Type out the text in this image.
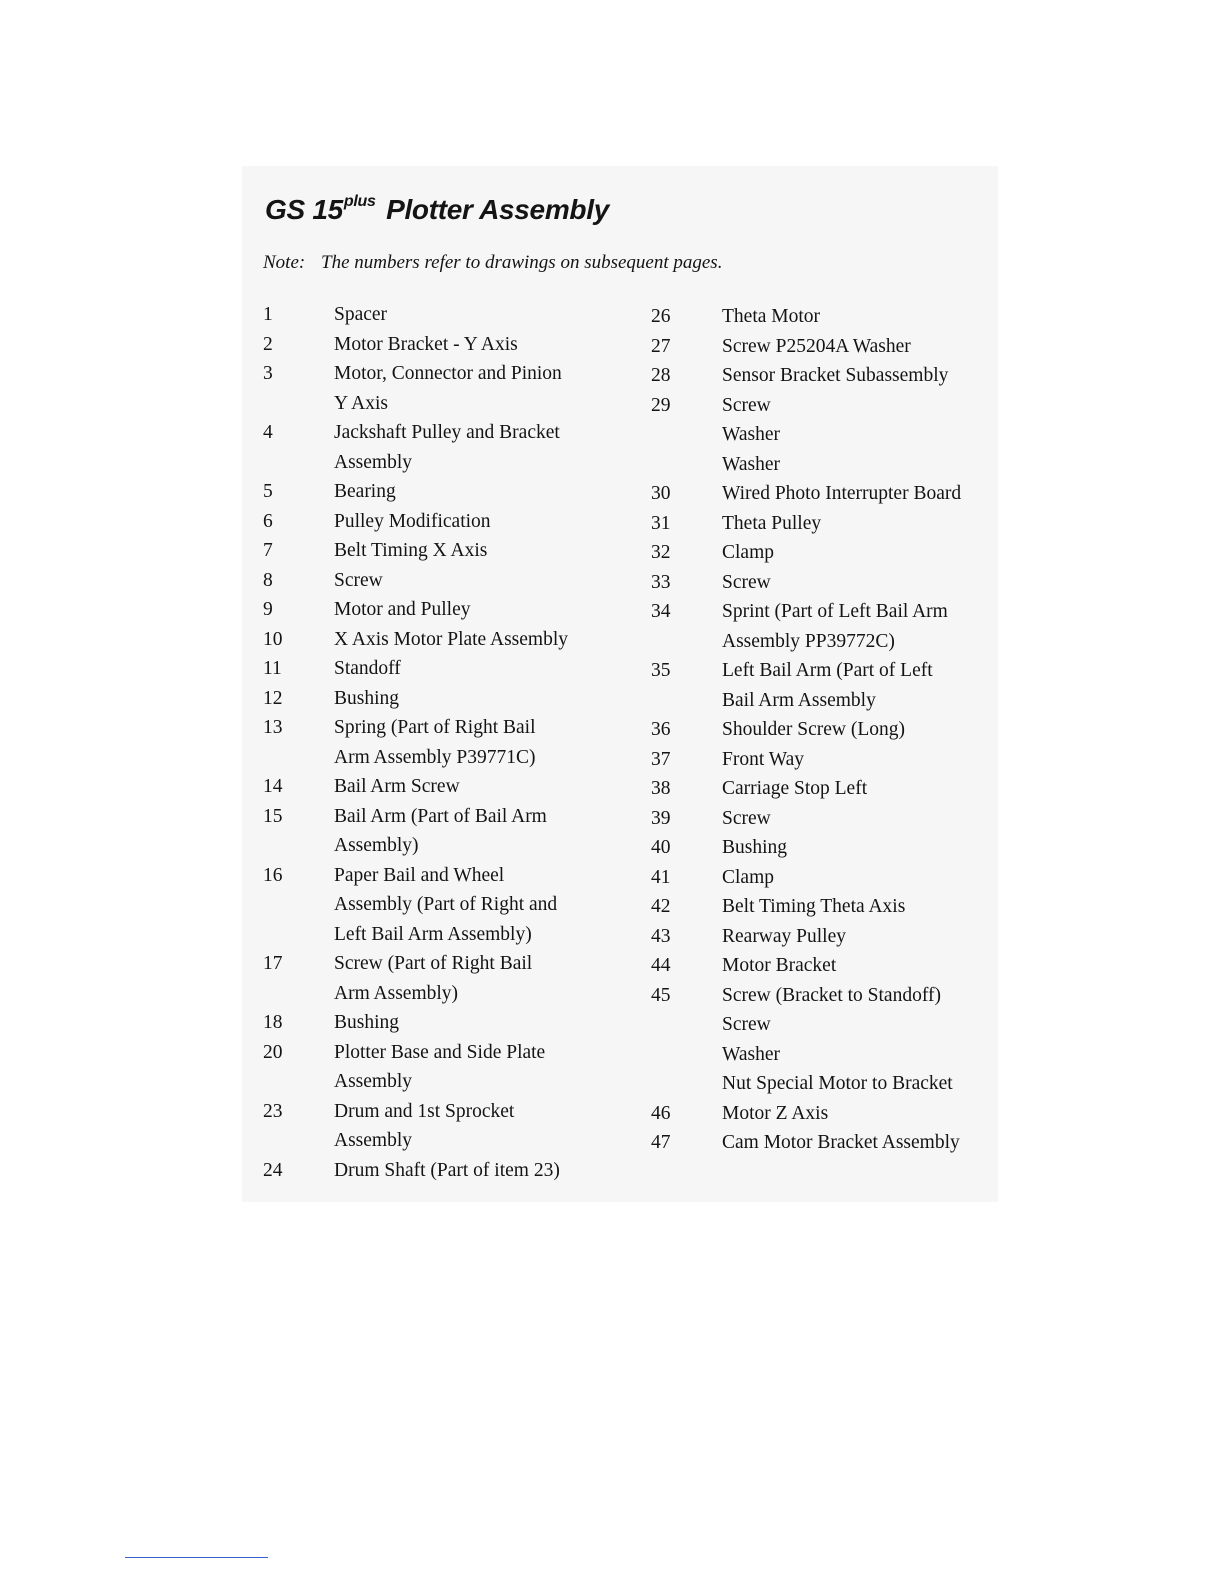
GS $15^{plus}$ Plotter Assembly
Note: The numbers refer to drawings on subsequent pages.
1	Spacer
2	Motor Bracket - Y Axis
3	Motor, Connector and Pinion
Y Axis
4	Jackshaft Pulley and Bracket
Assembly
5	Bearing
6	Pulley Modification
7	Belt Timing X Axis
8	Screw
9	Motor and Pulley
10	X Axis Motor Plate Assembly
11	Standoff
12	Bushing
13	Spring (Part of Right Bail
Arm Assembly P39771C)
14	Bail Arm Screw
15	Bail Arm (Part of Bail Arm
Assembly)
16	Paper Bail and Wheel
Assembly (Part of Right and
Left Bail Arm Assembly)
17	Screw (Part of Right Bail
Arm Assembly)
18	Bushing
20	Plotter Base and Side Plate
Assembly
23	Drum and 1st Sprocket
Assembly
24	Drum Shaft (Part of item 23)
26	Theta Motor
27	Screw P25204A Washer
28	Sensor Bracket Subassembly
29	Screw
Washer
Washer
30	Wired Photo Interrupter Board
31	Theta Pulley
32	Clamp
33	Screw
34	Sprint (Part of Left Bail Arm
Assembly PP39772C)
35	Left Bail Arm (Part of Left
Bail Arm Assembly
36	Shoulder Screw (Long)
37	Front Way
38	Carriage Stop Left
39	Screw
40	Bushing
41	Clamp
42	Belt Timing Theta Axis
43	Rearway Pulley
44	Motor Bracket
45	Screw (Bracket to Standoff)
Screw
Washer
Nut Special Motor to Bracket
46	Motor Z Axis
47	Cam Motor Bracket Assembly
